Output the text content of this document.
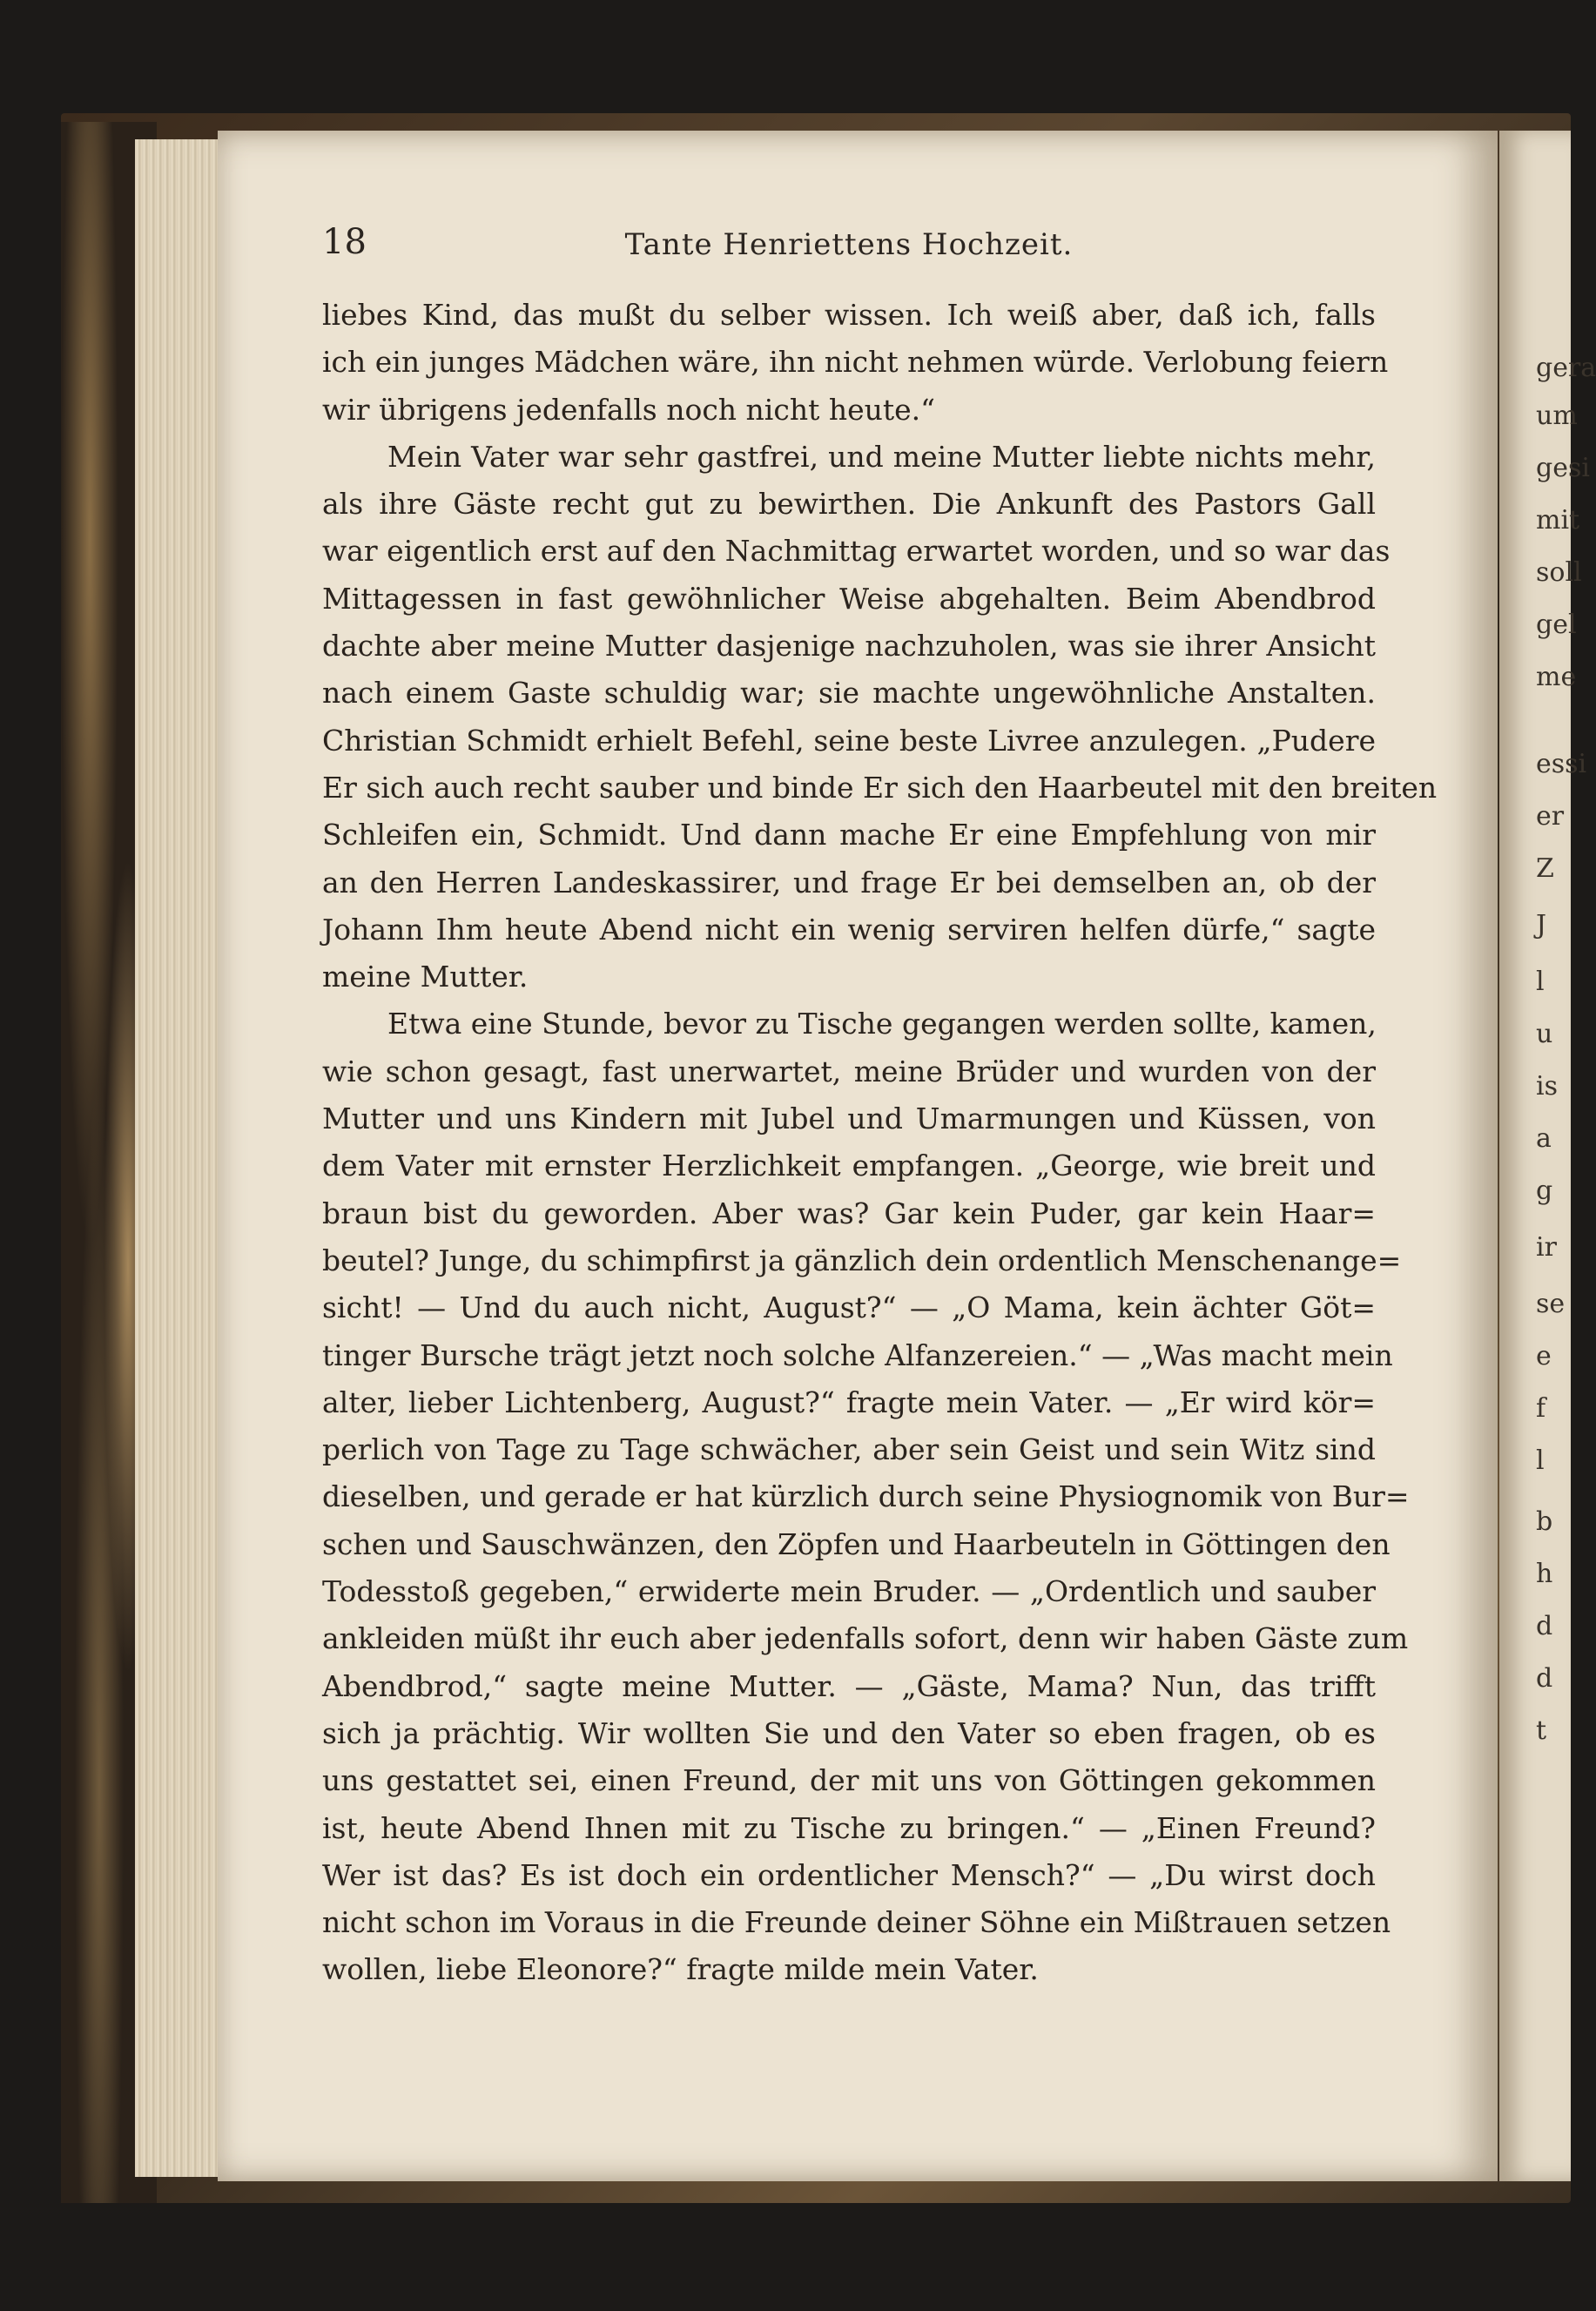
18	Tante Henriettens Hochzeit.
liebes Kind, das mußt du selber wissen. Ich weiß aber, daß ich, falls
ich ein junges Mädchen wäre, ihn nicht nehmen würde. Verlobung feiern
wir übrigens jedenfalls noch nicht heute.“
Mein Vater war sehr gastfrei, und meine Mutter liebte nichts mehr,
als ihre Gäste recht gut zu bewirthen. Die Ankunft des Pastors Gall
war eigentlich erst auf den Nachmittag erwartet worden, und so war das
Mittagessen in fast gewöhnlicher Weise abgehalten. Beim Abendbrod
dachte aber meine Mutter dasjenige nachzuholen, was sie ihrer Ansicht
nach einem Gaste schuldig war; sie machte ungewöhnliche Anstalten.
Christian Schmidt erhielt Befehl, seine beste Livree anzulegen. „Pudere
Er sich auch recht sauber und binde Er sich den Haarbeutel mit den breiten
Schleifen ein, Schmidt. Und dann mache Er eine Empfehlung von mir
an den Herren Landeskassirer, und frage Er bei demselben an, ob der
Johann Ihm heute Abend nicht ein wenig serviren helfen dürfe,“ sagte
meine Mutter.
Etwa eine Stunde, bevor zu Tische gegangen werden sollte, kamen,
wie schon gesagt, fast unerwartet, meine Brüder und wurden von der
Mutter und uns Kindern mit Jubel und Umarmungen und Küssen, von
dem Vater mit ernster Herzlichkeit empfangen. „George, wie breit und
braun bist du geworden. Aber was? Gar kein Puder, gar kein Haar=
beutel? Junge, du schimpfirst ja gänzlich dein ordentlich Menschenange=
sicht! — Und du auch nicht, August?“ — „O Mama, kein ächter Göt=
tinger Bursche trägt jetzt noch solche Alfanzereien.“ — „Was macht mein
alter, lieber Lichtenberg, August?“ fragte mein Vater. — „Er wird kör=
perlich von Tage zu Tage schwächer, aber sein Geist und sein Witz sind
dieselben, und gerade er hat kürzlich durch seine Physiognomik von Bur=
schen und Sauschwänzen, den Zöpfen und Haarbeuteln in Göttingen den
Todesstoß gegeben,“ erwiderte mein Bruder. — „Ordentlich und sauber
ankleiden müßt ihr euch aber jedenfalls sofort, denn wir haben Gäste zum
Abendbrod,“ sagte meine Mutter. — „Gäste, Mama? Nun, das trifft
sich ja prächtig. Wir wollten Sie und den Vater so eben fragen, ob es
uns gestattet sei, einen Freund, der mit uns von Göttingen gekommen
ist, heute Abend Ihnen mit zu Tische zu bringen.“ — „Einen Freund?
Wer ist das? Es ist doch ein ordentlicher Mensch?“ — „Du wirst doch
nicht schon im Voraus in die Freunde deiner Söhne ein Mißtrauen setzen
wollen, liebe Eleonore?“ fragte milde mein Vater.
gera
um
gesi
mit
soll
gel
me
essi
er
Z
J
l
u
is
a
g
ir
se
e
f
l
b
h
d
d
t
